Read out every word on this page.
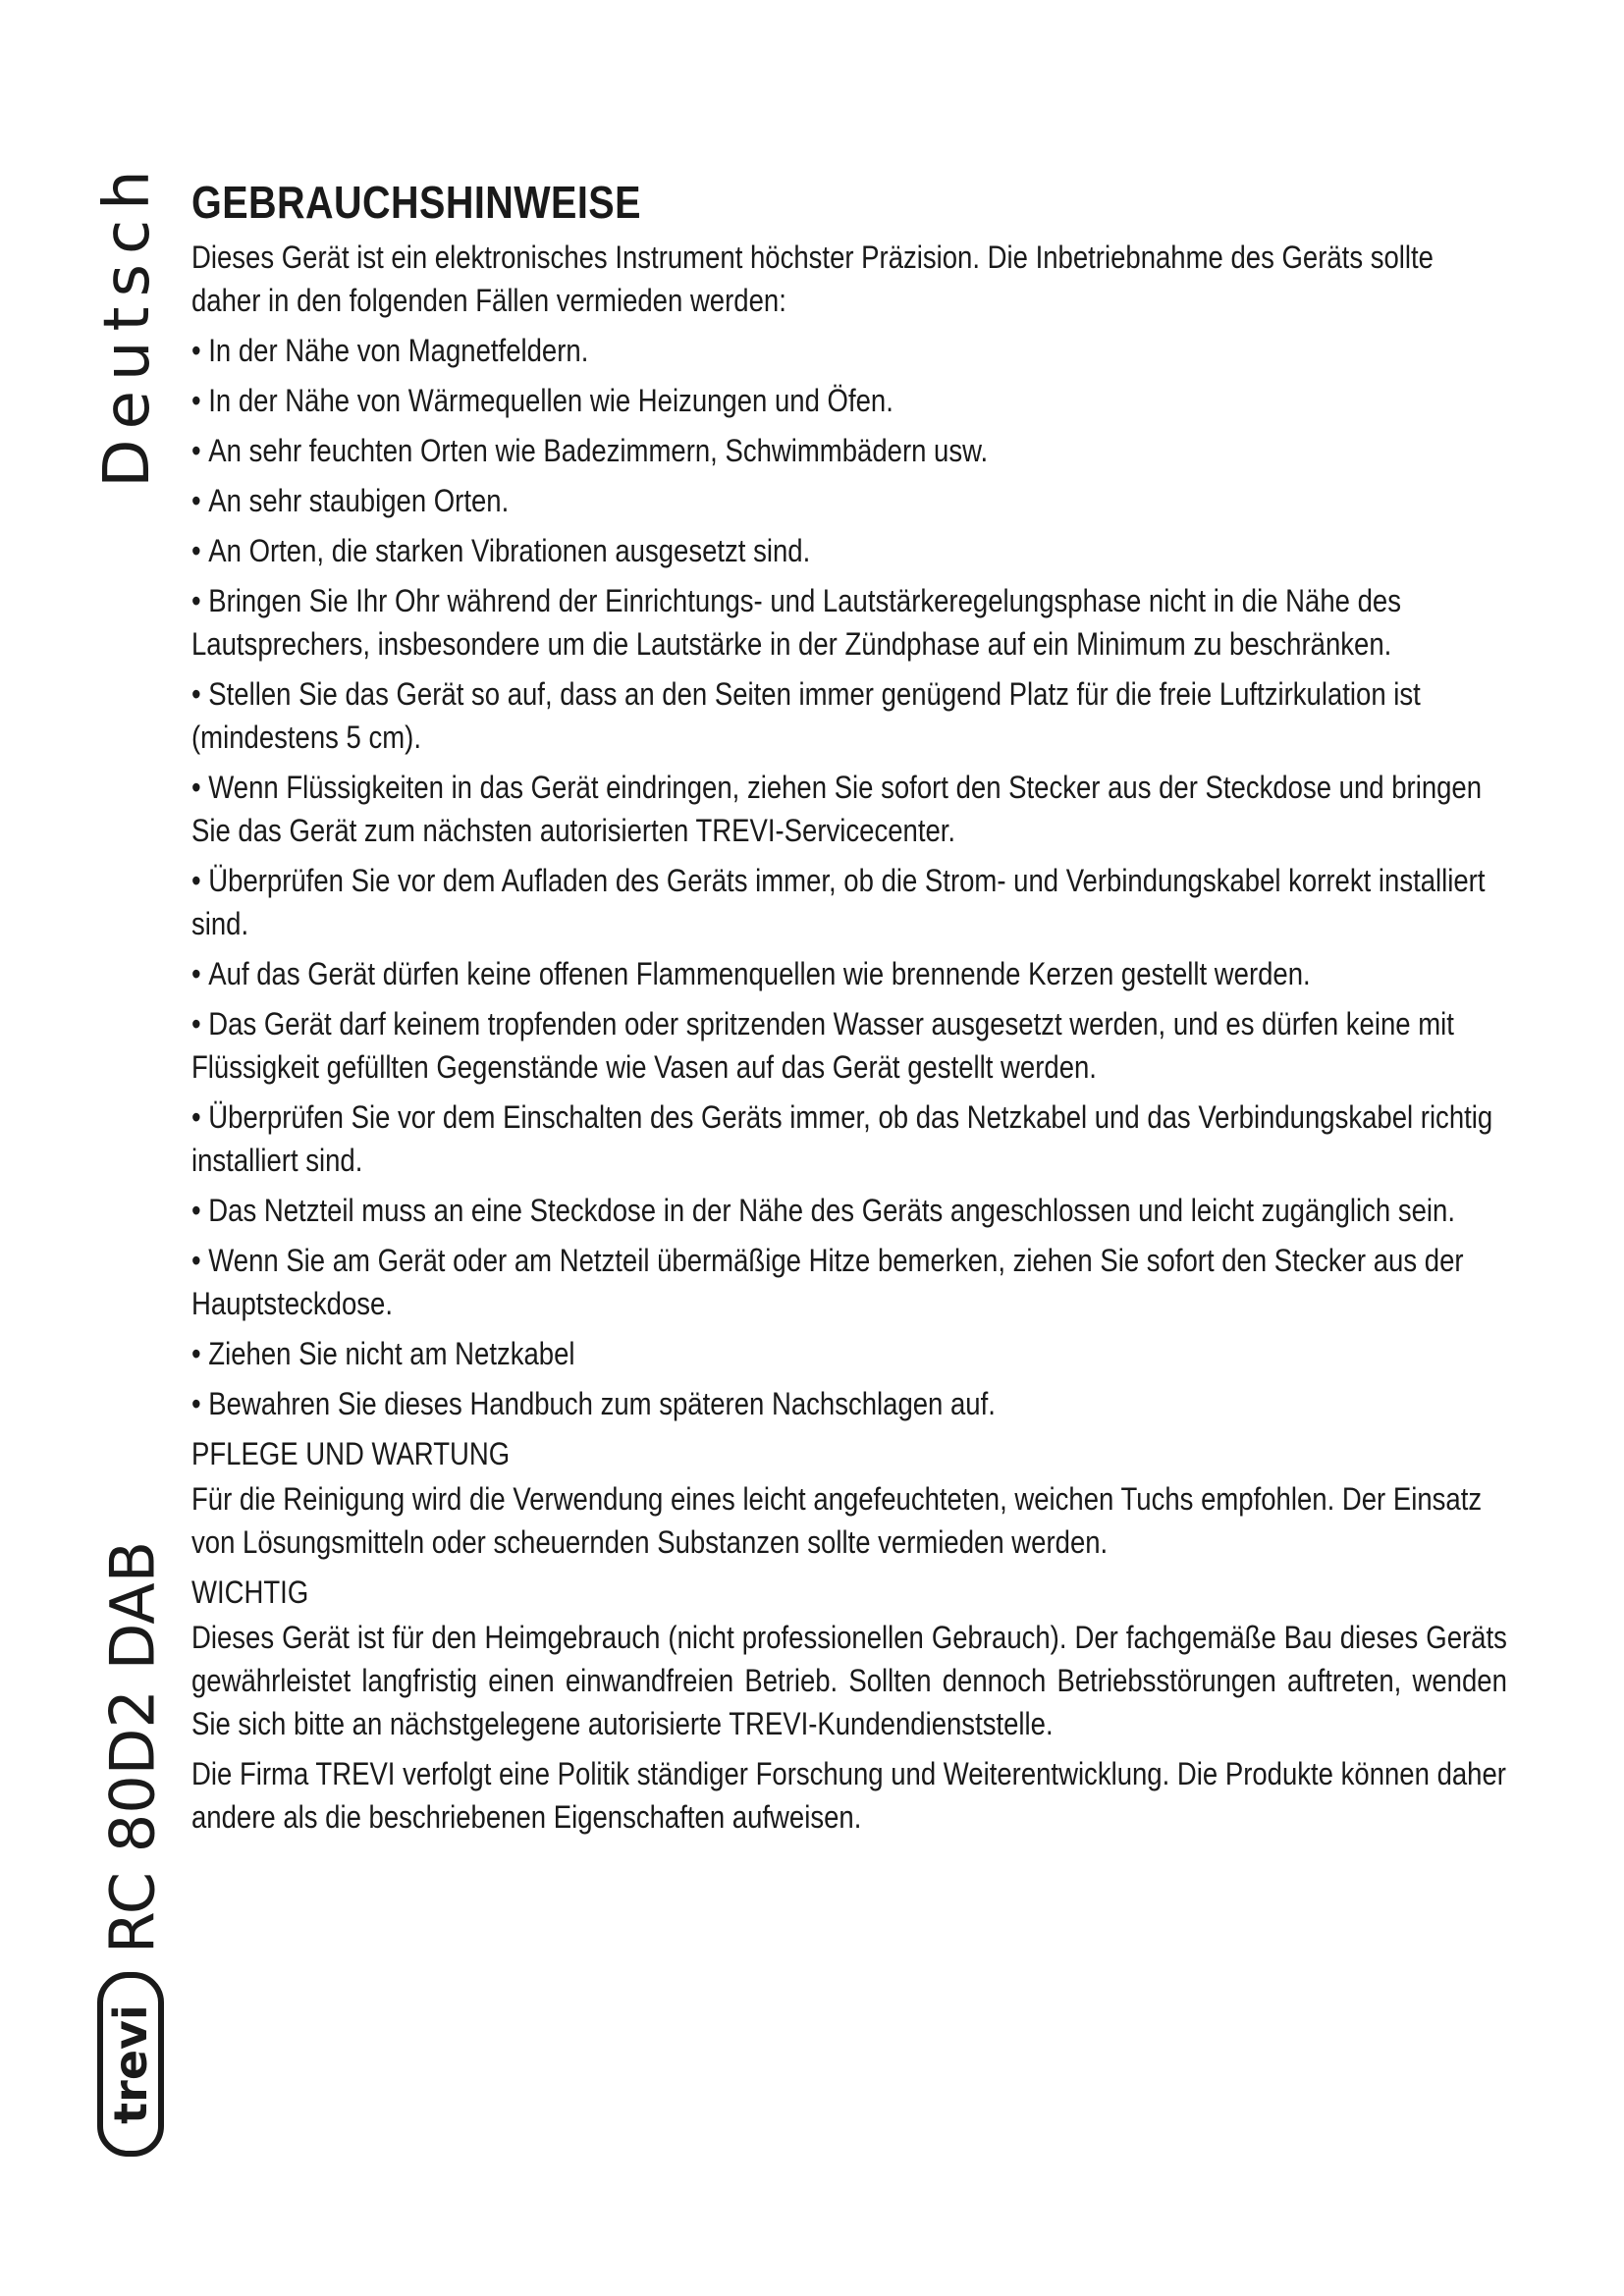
Deutsch
RC 80D2 DAB
trevi
GEBRAUCHSHINWEISE

Dieses Gerät ist ein elektronisches Instrument höchster Präzision. Die Inbetriebnahme des Geräts sollte daher in den folgenden Fällen vermieden werden:

• In der Nähe von Magnetfeldern.
• In der Nähe von Wärmequellen wie Heizungen und Öfen.
• An sehr feuchten Orten wie Badezimmern, Schwimmbädern usw.
• An sehr staubigen Orten.
• An Orten, die starken Vibrationen ausgesetzt sind.
• Bringen Sie Ihr Ohr während der Einrichtungs- und Lautstärkeregelungsphase nicht in die Nähe des Lautsprechers, insbesondere um die Lautstärke in der Zündphase auf ein Minimum zu beschränken.
• Stellen Sie das Gerät so auf, dass an den Seiten immer genügend Platz für die freie Luftzirkulation ist (mindestens 5 cm).
• Wenn Flüssigkeiten in das Gerät eindringen, ziehen Sie sofort den Stecker aus der Steckdose und bringen Sie das Gerät zum nächsten autorisierten TREVI-Servicecenter.
• Überprüfen Sie vor dem Aufladen des Geräts immer, ob die Strom- und Verbindungskabel korrekt installiert sind.
• Auf das Gerät dürfen keine offenen Flammenquellen wie brennende Kerzen gestellt werden.
• Das Gerät darf keinem tropfenden oder spritzenden Wasser ausgesetzt werden, und es dürfen keine mit Flüssigkeit gefüllten Gegenstände wie Vasen auf das Gerät gestellt werden.
• Überprüfen Sie vor dem Einschalten des Geräts immer, ob das Netzkabel und das Verbindungskabel richtig installiert sind.
• Das Netzteil muss an eine Steckdose in der Nähe des Geräts angeschlossen und leicht zugänglich sein.
• Wenn Sie am Gerät oder am Netzteil übermäßige Hitze bemerken, ziehen Sie sofort den Stecker aus der Hauptsteckdose.
• Ziehen Sie nicht am Netzkabel
• Bewahren Sie dieses Handbuch zum späteren Nachschlagen auf.
PFLEGE UND WARTUNG

Für die Reinigung wird die Verwendung eines leicht angefeuchteten, weichen Tuchs empfohlen. Der Einsatz von Lösungsmitteln oder scheuernden Substanzen sollte vermieden werden.

WICHTIG

Dieses Gerät ist für den Heimgebrauch (nicht professionellen Gebrauch). Der fachgemäße Bau dieses Geräts gewährleistet langfristig einen einwandfreien Betrieb. Sollten dennoch Betriebsstörungen auftreten, wenden Sie sich bitte an nächstgelegene autorisierte TREVI-Kundendienststelle.

Die Firma TREVI verfolgt eine Politik ständiger Forschung und Weiterentwicklung. Die Produkte können daher andere als die beschriebenen Eigenschaften aufweisen.
